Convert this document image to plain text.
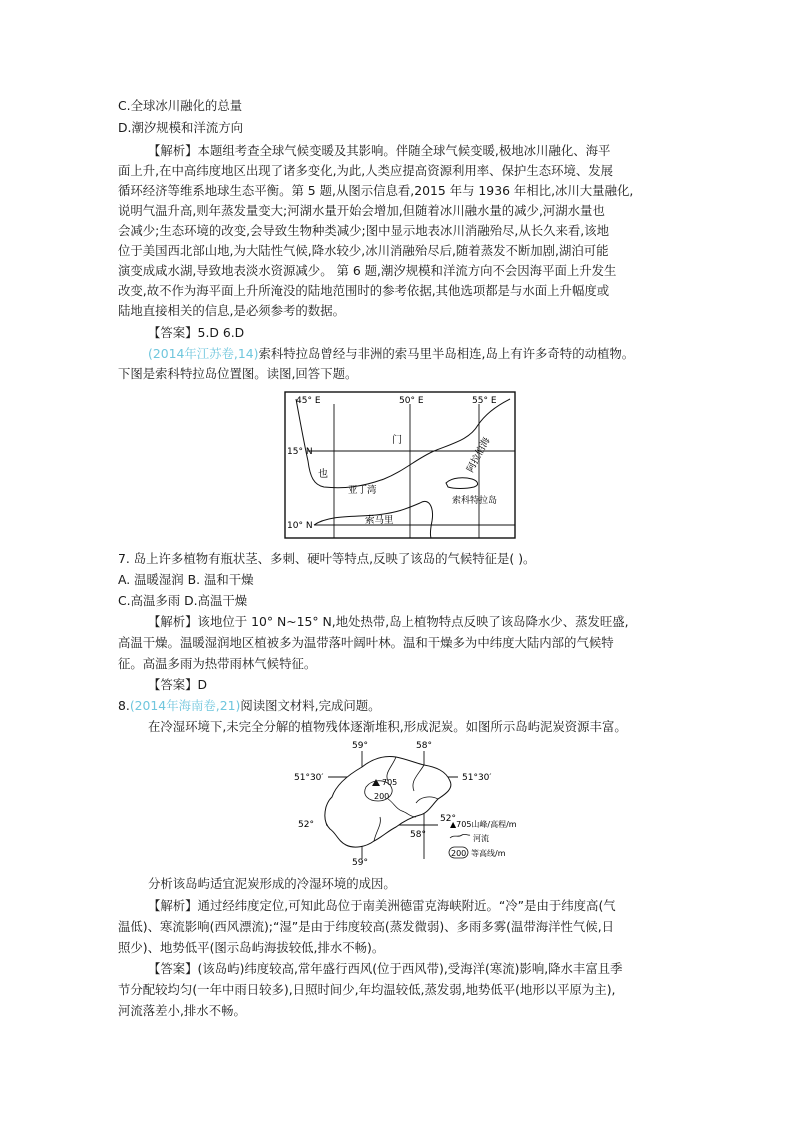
C.全球冰川融化的总量
D.潮汐规模和洋流方向
【解析】本题组考查全球气候变暖及其影响。伴随全球气候变暖,极地冰川融化、海平
面上升,在中高纬度地区出现了诸多变化,为此,人类应提高资源利用率、保护生态环境、发展
循环经济等维系地球生态平衡。第 5 题,从图示信息看,2015 年与 1936 年相比,冰川大量融化,
说明气温升高,则年蒸发量变大;河湖水量开始会增加,但随着冰川融水量的减少,河湖水量也
会减少;生态环境的改变,会导致生物种类减少;图中显示地表冰川消融殆尽,从长久来看,该地
位于美国西北部山地,为大陆性气候,降水较少,冰川消融殆尽后,随着蒸发不断加剧,湖泊可能
演变成咸水湖,导致地表淡水资源减少。 第 6 题,潮汐规模和洋流方向不会因海平面上升发生
改变,故不作为海平面上升所淹没的陆地范围时的参考依据,其他选项都是与水面上升幅度或
陆地直接相关的信息,是必须参考的数据。
【答案】5.D 6.D
(2014年江苏卷,14)索科特拉岛曾经与非洲的索马里半岛相连,岛上有许多奇特的动植物。
下图是索科特拉岛位置图。读图,回答下题。
45° E	50° E	55° E
15° N
10° N
门
也
阿拉伯海
亚丁湾
索科特拉岛
索马里
7. 岛上许多植物有瓶状茎、多刺、硬叶等特点,反映了该岛的气候特征是( )。
A. 温暖湿润 B. 温和干燥
C.高温多雨 D.高温干燥
【解析】该地位于 10° N~15° N,地处热带,岛上植物特点反映了该岛降水少、蒸发旺盛,
高温干燥。温暖湿润地区植被多为温带落叶阔叶林。温和干燥多为中纬度大陆内部的气候特
征。高温多雨为热带雨林气候特征。
【答案】D
8.(2014年海南卷,21)阅读图文材料,完成问题。
在冷湿环境下,未完全分解的植物残体逐渐堆积,形成泥炭。如图所示岛屿泥炭资源丰富。
59°	58°
51°30′	51°30′
705
200
52°
52°
58°
59°
▲705山峰/高程/m
河流
200 等高线/m
分析该岛屿适宜泥炭形成的冷湿环境的成因。
【解析】通过经纬度定位,可知此岛位于南美洲德雷克海峡附近。“冷”是由于纬度高(气
温低)、寒流影响(西风漂流);“湿”是由于纬度较高(蒸发微弱)、多雨多雾(温带海洋性气候,日
照少)、地势低平(图示岛屿海拔较低,排水不畅)。
【答案】(该岛屿)纬度较高,常年盛行西风(位于西风带),受海洋(寒流)影响,降水丰富且季
节分配较均匀(一年中雨日较多),日照时间少,年均温较低,蒸发弱,地势低平(地形以平原为主),
河流落差小,排水不畅。
